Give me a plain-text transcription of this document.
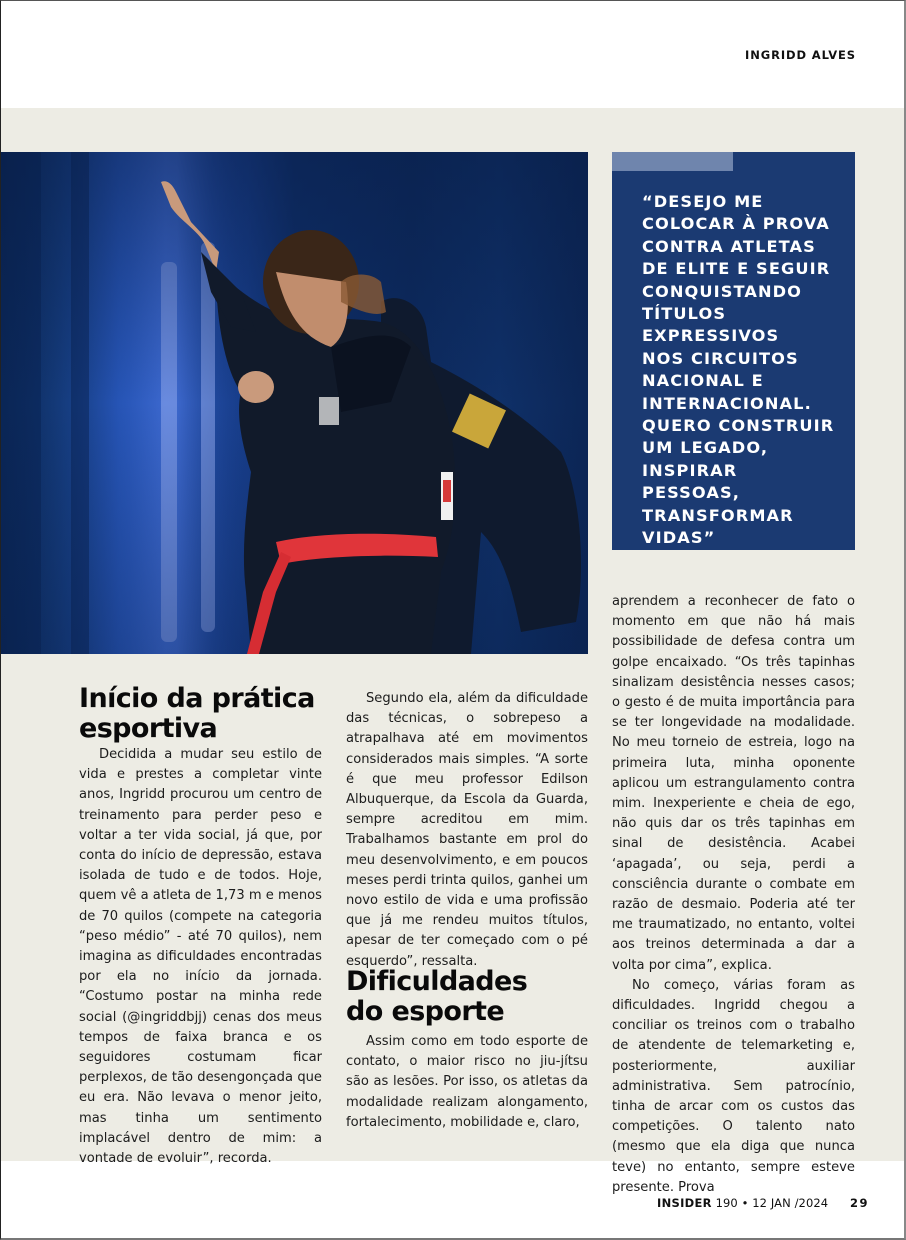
INGRIDD ALVES
“DESEJO ME
COLOCAR À PROVA
CONTRA ATLETAS
DE ELITE E SEGUIR
CONQUISTANDO
TÍTULOS
EXPRESSIVOS
NOS CIRCUITOS
NACIONAL E
INTERNACIONAL.
QUERO CONSTRUIR
UM LEGADO,
INSPIRAR PESSOAS,
TRANSFORMAR
VIDAS”
Início da prática
esportiva

Decidida a mudar seu estilo de vida e prestes a completar vinte anos, Ingridd procurou um centro de treinamento para perder peso e voltar a ter vida social, já que, por conta do início de depressão, estava isolada de tudo e de todos. Hoje, quem vê a atleta de 1,73 m e menos de 70 quilos (compete na categoria “peso médio” - até 70 quilos), nem imagina as dificuldades encontradas por ela no início da jornada. “Costumo postar na minha rede social (@ingriddbjj) cenas dos meus tempos de faixa branca e os seguidores costumam ficar perplexos, de tão desengonçada que eu era. Não levava o menor jeito, mas tinha um sentimento implacável dentro de mim: a vontade de evoluir”, recorda.

Segundo ela, além da dificuldade das técnicas, o sobrepeso a atrapalhava até em movimentos considerados mais simples. “A sorte é que meu professor Edilson Albuquerque, da Escola da Guarda, sempre acreditou em mim. Trabalhamos bastante em prol do meu desenvolvimento, e em poucos meses perdi trinta quilos, ganhei um novo estilo de vida e uma profissão que já me rendeu muitos títulos, apesar de ter começado com o pé esquerdo”, ressalta.

Dificuldades
do esporte

Assim como em todo esporte de contato, o maior risco no jiu-jítsu são as lesões. Por isso, os atletas da modalidade realizam alongamento, fortalecimento, mobilidade e, claro,

aprendem a reconhecer de fato o momento em que não há mais possibilidade de defesa contra um golpe encaixado. “Os três tapinhas sinalizam desistência nesses casos; o gesto é de muita importância para se ter longevidade na modalidade. No meu torneio de estreia, logo na primeira luta, minha oponente aplicou um estrangulamento contra mim. Inexperiente e cheia de ego, não quis dar os três tapinhas em sinal de desistência. Acabei ‘apagada’, ou seja, perdi a consciência durante o combate em razão de desmaio. Poderia até ter me traumatizado, no entanto, voltei aos treinos determinada a dar a volta por cima”, explica.

No começo, várias foram as dificuldades. Ingridd chegou a conciliar os treinos com o trabalho de atendente de telemarketing e, posteriormente, auxiliar administrativa. Sem patrocínio, tinha de arcar com os custos das competições. O talento nato (mesmo que ela diga que nunca teve) no entanto, sempre esteve presente. Prova

INSIDER 190 • 12 JAN /2024 29
